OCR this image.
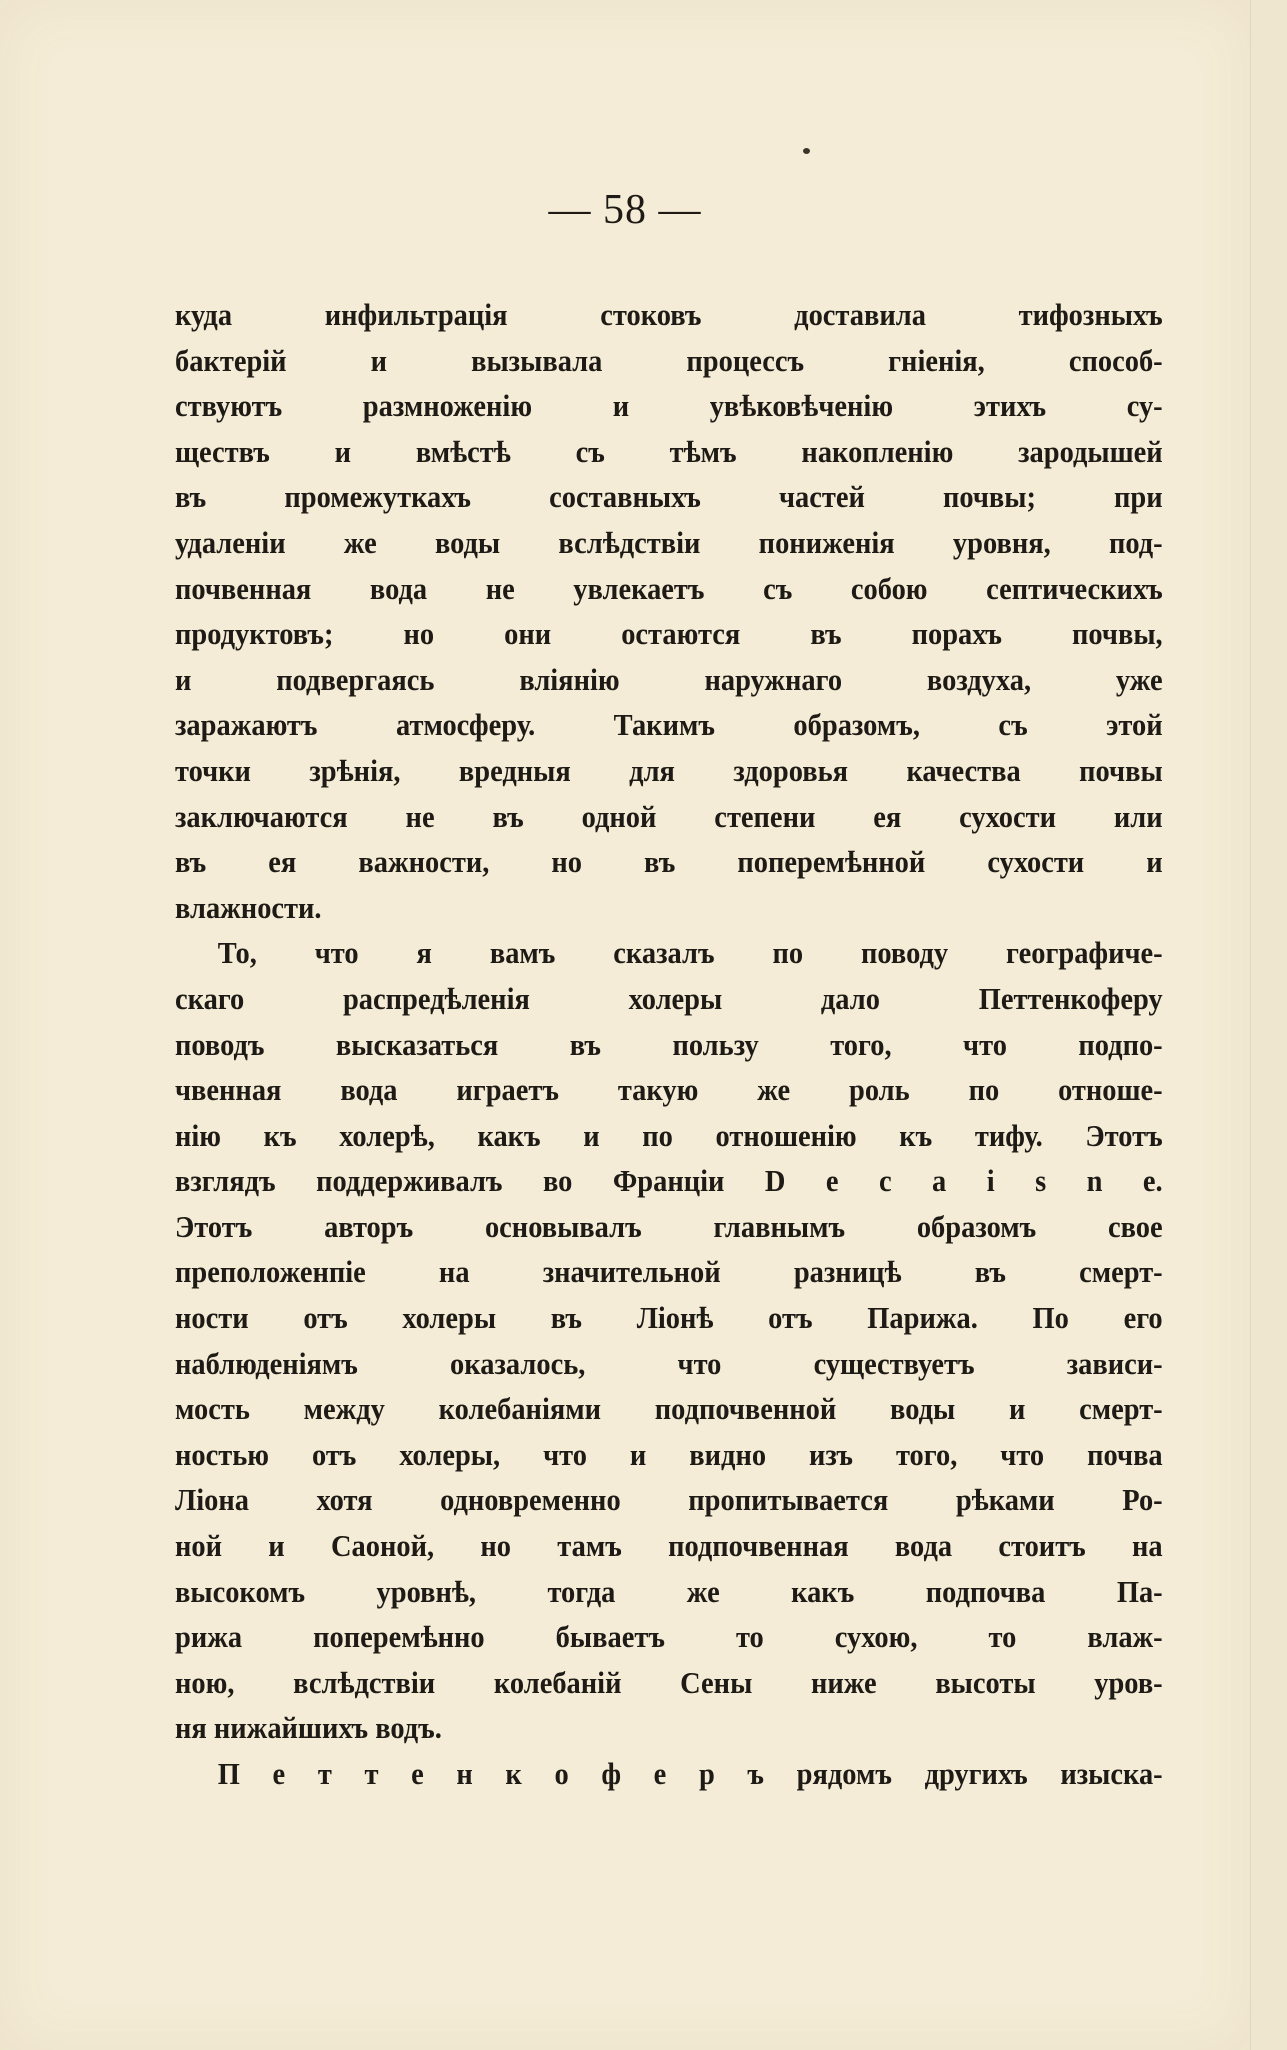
— 58 —
куда инфильтрація стоковъ доставила тифозныхъ
бактерій и вызывала процессъ гніенія, способ-
ствуютъ размноженію и увѣковѣченію этихъ су-
ществъ и вмѣстѣ съ тѣмъ накопленію зародышей
въ промежуткахъ составныхъ частей почвы; при
удаленіи же воды вслѣдствіи пониженія уровня, под-
почвенная вода не увлекаетъ съ собою септическихъ
продуктовъ; но они остаются въ порахъ почвы,
и подвергаясь вліянію наружнаго воздуха, уже
заражаютъ атмосферу. Такимъ образомъ, съ этой
точки зрѣнія, вредныя для здоровья качества почвы
заключаются не въ одной степени ея сухости или
въ ея важности, но въ поперемѣнной сухости и
влажности.
То, что я вамъ сказалъ по поводу географиче-
скаго распредѣленія холеры дало Петтенкоферу
поводъ высказаться въ пользу того, что подпо-
чвенная вода играетъ такую же роль по отноше-
нію къ холерѣ, какъ и по отношенію къ тифу. Этотъ
взглядъ поддерживалъ во Франціи D e c a i s n e.
Этотъ авторъ основывалъ главнымъ образомъ свое
преположенпіе на значительной разницѣ въ смерт-
ности отъ холеры въ Ліонѣ отъ Парижа. По его
наблюденіямъ оказалось, что существуетъ зависи-
мость между колебаніями подпочвенной воды и смерт-
ностью отъ холеры, что и видно изъ того, что почва
Ліона хотя одновременно пропитывается рѣками Ро-
ной и Саоной, но тамъ подпочвенная вода стоитъ на
высокомъ уровнѣ, тогда же какъ подпочва Па-
рижа поперемѣнно бываетъ то сухою, то влаж-
ною, вслѣдствіи колебаній Сены ниже высоты уров-
ня нижайшихъ водъ.
П е т т е н к о ф е р ъ рядомъ другихъ изыска-
